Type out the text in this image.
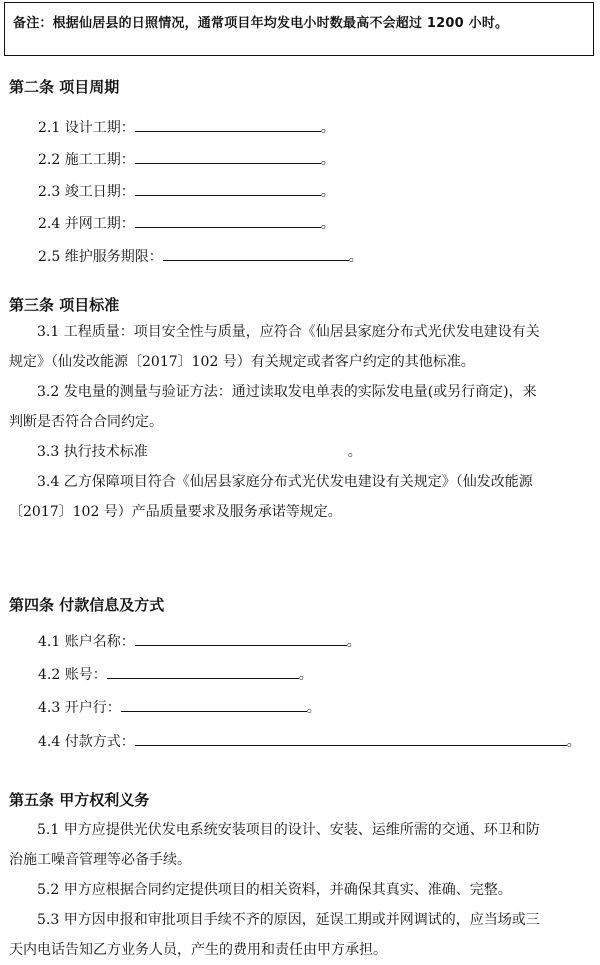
备注：根据仙居县的日照情况，通常项目年均发电小时数最高不会超过 1200 小时。
第二条 项目周期
2.1 设计工期：	。
2.2 施工工期：	。
2.3 竣工日期：	。
2.4 并网工期：	。
2.5 维护服务期限：	。
第三条 项目标准
3.1 工程质量：项目安全性与质量，应符合《仙居县家庭分布式光伏发电建设有关
规定》（仙发改能源〔2017〕102 号）有关规定或者客户约定的其他标准。
3.2 发电量的测量与验证方法：通过读取发电单表的实际发电量(或另行商定)，来
判断是否符合合同约定。
3.3 执行技术标准	。
3.4 乙方保障项目符合《仙居县家庭分布式光伏发电建设有关规定》（仙发改能源
〔2017〕102 号）产品质量要求及服务承诺等规定。
第四条 付款信息及方式
4.1 账户名称：	。
4.2 账号：	。
4.3 开户行：	。
4.4 付款方式：	。
第五条 甲方权利义务
5.1 甲方应提供光伏发电系统安装项目的设计、安装、运维所需的交通、环卫和防
治施工噪音管理等必备手续。
5.2 甲方应根据合同约定提供项目的相关资料，并确保其真实、准确、完整。
5.3 甲方因申报和审批项目手续不齐的原因，延误工期或并网调试的，应当场或三
天内电话告知乙方业务人员，产生的费用和责任由甲方承担。
